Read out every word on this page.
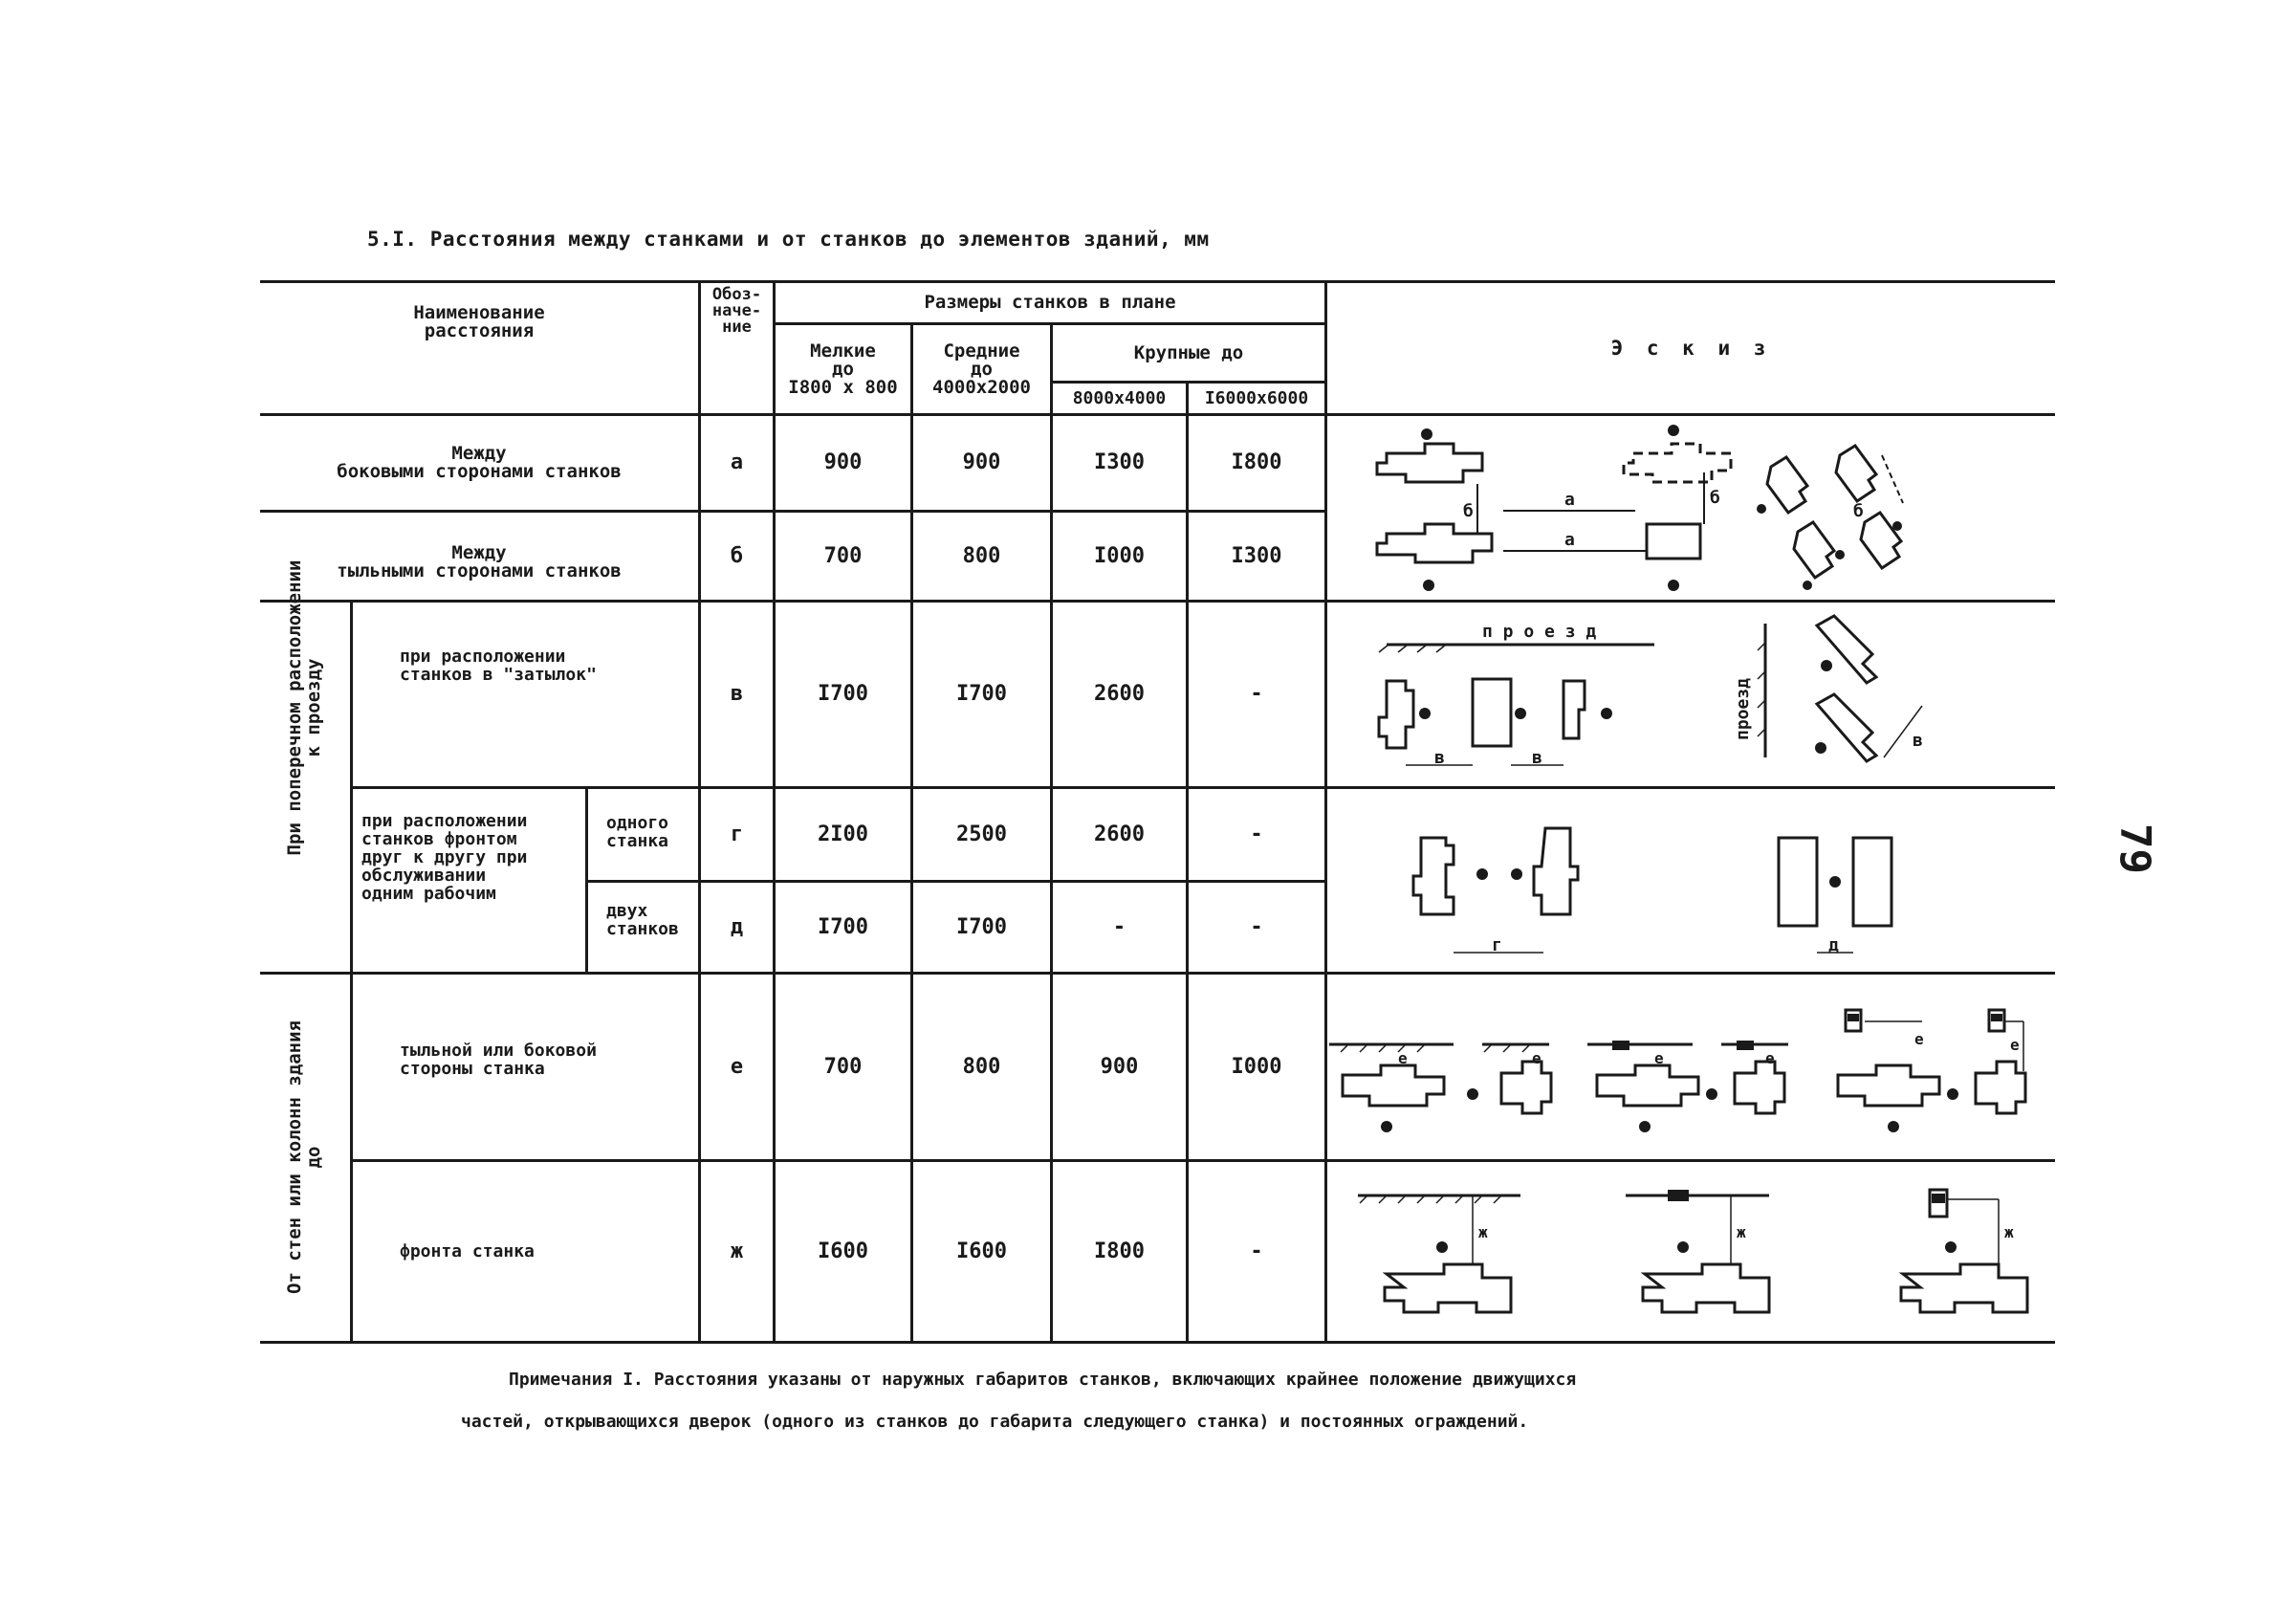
5.I. Расстояния между станками и от станков до элементов зданий, мм
Наименование
расстояния
Обоз-
наче-
ние
Размеры станков в плане
Мелкие
до
I800 х 800
Средние
до
4000х2000
Крупные до
8000х4000	I6000х6000
Э с к и з
Между
боковыми сторонами станков	а	900	900	I300	I800
Между
тыльными сторонами станков
б	700	800	I000	I300
При поперечном расположении
к проезду
От стен или колонн здания
до
при расположении
станков в "затылок"
в	I700	I700	2600	-
при расположении
станков фронтом
друг к другу при
обслуживании
одним рабочим
одного
станка
двух
станков
г	2I00	2500	2600	-
д	I700	I700	-	-
тыльной или боковой
стороны станка	е	700	800	900	I000
фронта станка	ж	I600	I600	I800	-
а
а
б
б
б
п р о е з д
в	в
в
проезд
г	д
е	е	е	е
е	е
ж	ж	ж
Примечания I. Расстояния указаны от наружных габаритов станков, включающих крайнее положение движущихся
частей, открывающихся дверок (одного из станков до габарита следующего станка) и постоянных ограждений.
79
